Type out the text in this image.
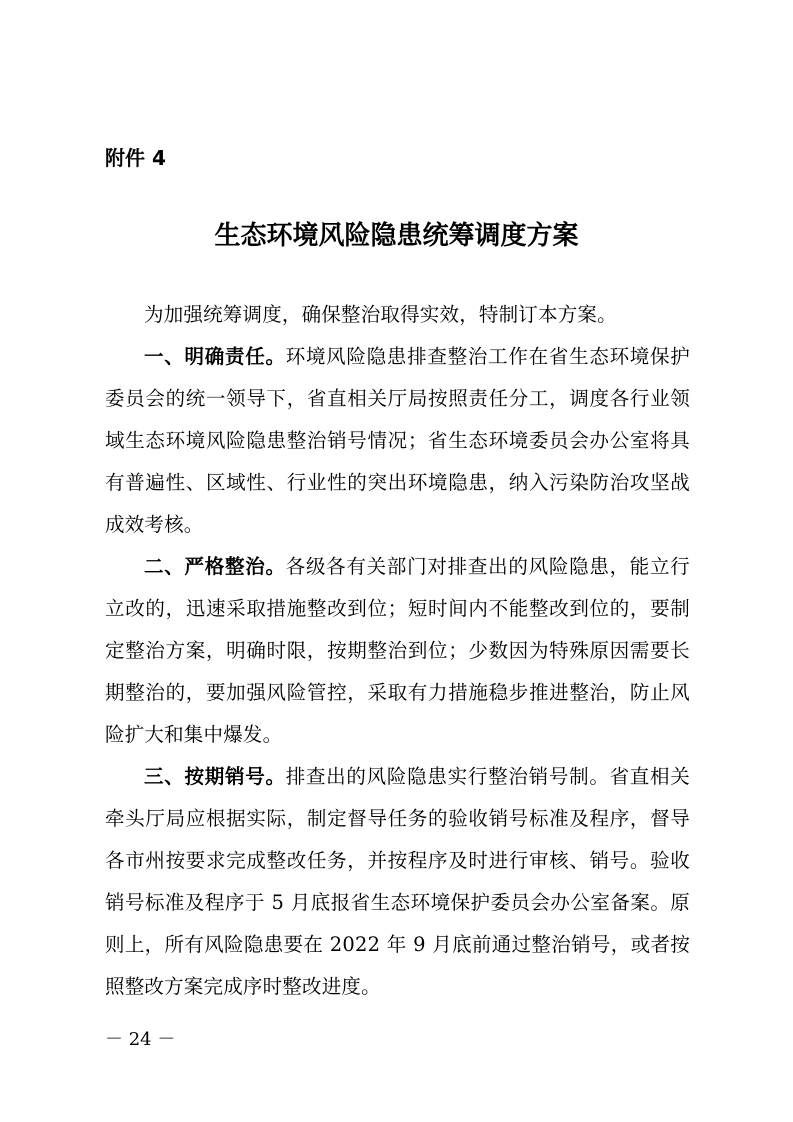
附件 4
生态环境风险隐患统筹调度方案

为加强统筹调度，确保整治取得实效，特制订本方案。

一、明确责任。环境风险隐患排查整治工作在省生态环境保护委员会的统一领导下，省直相关厅局按照责任分工，调度各行业领域生态环境风险隐患整治销号情况；省生态环境委员会办公室将具有普遍性、区域性、行业性的突出环境隐患，纳入污染防治攻坚战成效考核。

二、严格整治。各级各有关部门对排查出的风险隐患，能立行立改的，迅速采取措施整改到位；短时间内不能整改到位的，要制定整治方案，明确时限，按期整治到位；少数因为特殊原因需要长期整治的，要加强风险管控，采取有力措施稳步推进整治，防止风险扩大和集中爆发。

三、按期销号。排查出的风险隐患实行整治销号制。省直相关牵头厅局应根据实际，制定督导任务的验收销号标准及程序，督导各市州按要求完成整改任务，并按程序及时进行审核、销号。验收销号标准及程序于 5 月底报省生态环境保护委员会办公室备案。原则上，所有风险隐患要在 2022 年 9 月底前通过整治销号，或者按照整改方案完成序时整改进度。

－ 24 －
